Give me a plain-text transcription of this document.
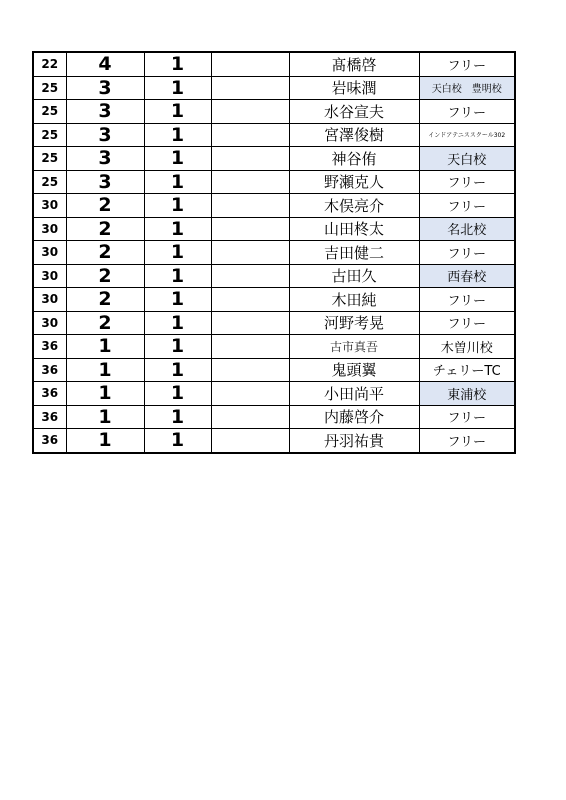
22	4	1		髙橋啓	フリー
25	3	1		岩味潤	天白校　豊明校
25	3	1		水谷宣夫	フリー
25	3	1		宮澤俊樹	インドアテニススクール302
25	3	1		神谷侑	天白校
25	3	1		野瀬克人	フリー
30	2	1		木俣亮介	フリー
30	2	1		山田柊太	名北校
30	2	1		吉田健二	フリー
30	2	1		古田久	西春校
30	2	1		木田純	フリー
30	2	1		河野考晃	フリー
36	1	1		古市真吾	木曽川校
36	1	1		鬼頭翼	チェリーTC
36	1	1		小田尚平	東浦校
36	1	1		内藤啓介	フリー
36	1	1		丹羽祐貴	フリー
